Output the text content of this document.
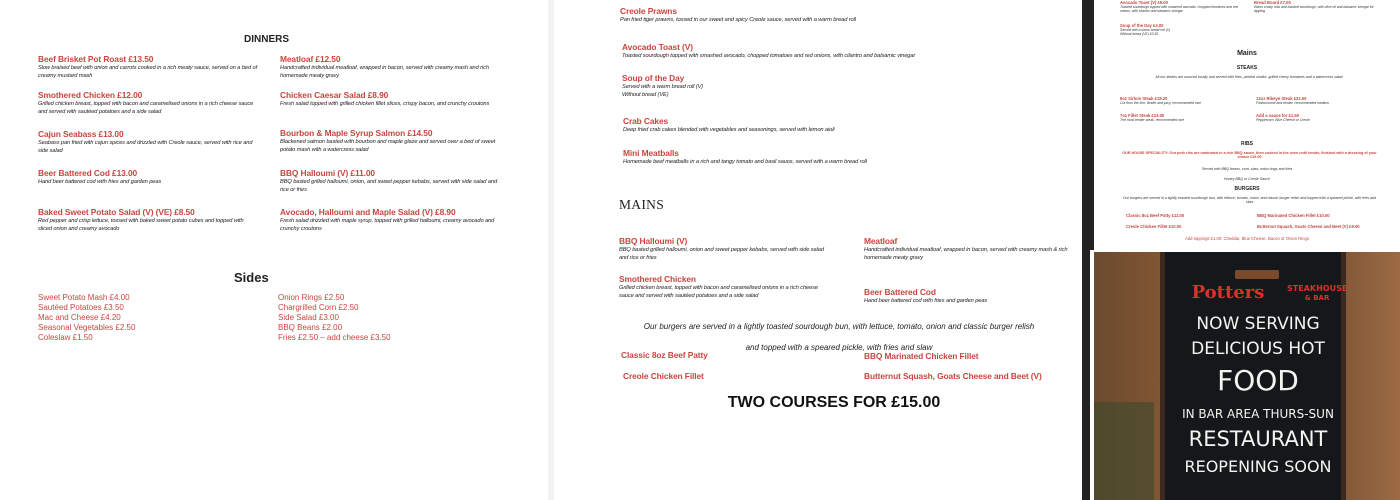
DINNERS
Beef Brisket Pot Roast £13.50
Slow braised beef with onion and carrots cooked in a rich meaty sauce, served on a bed of creamy mustard mash
Smothered Chicken £12.00
Grilled chicken breast, topped with bacon and caramelised onions in a rich cheese sauce and served with sautéed potatoes and a side salad
Cajun Seabass £13.00
Seabass pan fried with cajun spices and drizzled with Creole sauce, served with rice and side salad
Beer Battered Cod £13.00
Hand beer battered cod with fries and garden peas
Baked Sweet Potato Salad (V) (VE) £8.50
Red pepper and crisp lettuce, tossed with baked sweet potato cubes and topped with sliced onion and creamy avocado
Meatloaf £12.50
Handcrafted individual meatloaf, wrapped in bacon, served with creamy mash and rich homemade meaty gravy
Chicken Caesar Salad £8.90
Fresh salad topped with grilled chicken fillet slices, crispy bacon, and crunchy croutons
Bourbon & Maple Syrup Salmon £14.50
Blackened salmon basted with bourbon and maple glaze and served over a bed of sweet potato mash with a watercress salad
BBQ Halloumi (V) £11.00
BBQ basted grilled halloumi, onion, and sweet pepper kebabs, served with side salad and rice or fries
Avocado, Halloumi and Maple Salad (V) £8.90
Fresh salad drizzled with maple syrup, topped with grilled halloumi, creamy avocado and crunchy croutons
Sides
Sweet Potato Mash £4.00
Sautéed Potatoes £3.50
Mac and Cheese £4.20
Seasonal Vegetables £2.50
Coleslaw £1.50
Onion Rings £2.50
Chargrilled Corn £2.50
Side Salad £3.00
BBQ Beans £2.00
Fries £2.50 – add cheese £3.50
Creole Prawns
Pan fried tiger prawns, tossed in our sweet and spicy Creole sauce, served with a warm bread roll
Avocado Toast (V)
Toasted sourdough topped with smashed avocado, chopped tomatoes and red onions, with cilantro and balsamic vinegar
Soup of the Day
Served with a warm bread roll (V)
Without bread (VE)
Crab Cakes
Deep fried crab cakes blended with vegetables and seasonings, served with lemon aioli
Mini Meatballs
Homemade beef meatballs in a rich and tangy tomato and basil sauce, served with a warm bread roll
MAINS
BBQ Halloumi (V)
BBQ basted grilled halloumi, onion and sweet pepper kebabs, served with side salad and rice or fries
Smothered Chicken
Grilled chicken breast, topped with bacon and caramelised onions in a rich cheese sauce and served with sautéed potatoes and a side salad
Meatloaf
Handcrafted individual meatloaf, wrapped in bacon, served with creamy mash & rich homemade meaty gravy
Beer Battered Cod
Hand beer battered cod with fries and garden peas
Our burgers are served in a lightly toasted sourdough bun, with lettuce, tomato, onion and classic burger relish
and topped with a speared pickle, with fries and slaw
Classic 8oz Beef Patty
Creole Chicken Fillet
BBQ Marinated Chicken Fillet
Butternut Squash, Goats Cheese and Beet (V)
TWO COURSES FOR £15.00
Avocado Toast (V) £5.00
Toasted sourdough topped with smashed avocado, chopped tomatoes and red onions, with cilantro and balsamic vinegar
Soup of the Day £4.00
Served with a warm bread roll (V)
Without bread (VE) £3.50
Bread Board £7.00
Warm crusty rolls and toasted sourdough, with olive oil and balsamic vinegar for dipping
Mains
STEAKS
All our steaks are sourced locally and served with fries, pickled shallot, grilled cherry tomatoes and a watercress salad
8oz Sirloin Steak £19.20
Cut from the loin, tender and juicy, recommended rare
7oz Fillet Steak £23.00
The most tender steak, recommended rare
12oz Ribeye Steak £22.00
Flavoursome and tender, recommended medium
Add a sauce for £1.50
Peppercorn, Blue Cheese or Creole
RIBS
OUR HOUSE SPECIALITY! Our pork ribs are marinated in a rich BBQ sauce, then cooked in the oven until tender, finished with a dressing of your choice £19.00
Served with BBQ beans, corn, slaw, onion rings and fries
Honey BBQ or Creole Sauce
BURGERS
Our burgers are served in a lightly toasted sourdough bun, with lettuce, tomato, onion, and classic burger relish and topped with a speared pickle, with fries and slaw
Classic 8oz Beef Patty £11.00
Creole Chicken Fillet £10.00
BBQ Marinated Chicken Fillet £10.00
Butternut Squash, Goats Cheese and Beet (V) £9.00
Add toppings £1.00; Cheddar, Blue Cheese, Bacon or Onion Rings
Potters	STEAKHOUSE
& BAR
NOW SERVING
DELICIOUS HOT
FOOD
IN BAR AREA THURS-SUN
RESTAURANT
REOPENING SOON
